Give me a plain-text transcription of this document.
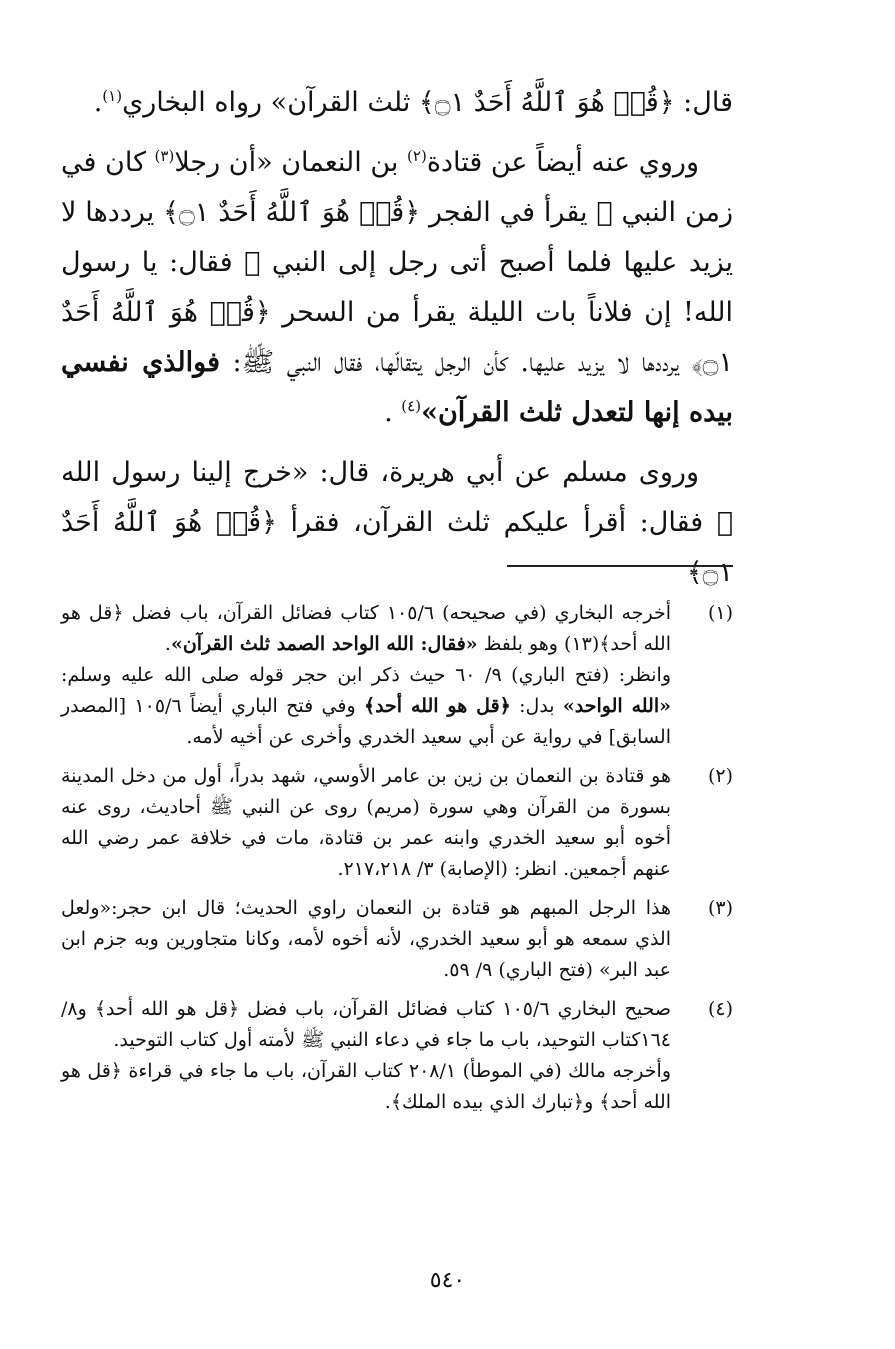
قال: ﴿قُلۡ هُوَ ٱللَّهُ أَحَدٌ ۝١﴾ ثلث القرآن» رواه البخاري$^{(١)}$.

وروي عنه أيضاً عن قتادة$^{(٢)}$ بن النعمان «أن رجلا$^{(٣)}$ كان في زمن النبي ﷺ يقرأ في الفجر ﴿قُلۡ هُوَ ٱللَّهُ أَحَدٌ ۝١﴾ يرددها لا يزيد عليها فلما أصبح أتى رجل إلى النبي ﷺ فقال: يا رسول الله! إن فلاناً بات الليلة يقرأ من السحر ﴿قُلۡ هُوَ ٱللَّهُ أَحَدٌ ۝١﴾ يرددها لا يزيد عليها. كأن الرجل يتقالّها، فقال النبي ﷺ: فوالذي نفسي بيده إنها لتعدل ثلث القرآن»$^{(٤)}$ .

وروى مسلم عن أبي هريرة، قال: «خرج إلينا رسول الله ﷺ فقال: أقرأ عليكم ثلث القرآن، فقرأ ﴿قُلۡ هُوَ ٱللَّهُ أَحَدٌ ۝١﴾

(١)

أخرجه البخاري (في صحيحه) ١٠٥/٦ كتاب فضائل القرآن، باب فضل ﴿قل هو الله أحد﴾(١٣) وهو بلفظ «فقال: الله الواحد الصمد ثلث القرآن».

وانظر: (فتح الباري) ٩/ ٦٠ حيث ذكر ابن حجر قوله صلى الله عليه وسلم: «الله الواحد» بدل: ﴿قل هو الله أحد﴾ وفي فتح الباري أيضاً ١٠٥/٦ [المصدر السابق] في رواية عن أبي سعيد الخدري وأخرى عن أخيه لأمه.

(٢)

هو قتادة بن النعمان بن زين بن عامر الأوسي، شهد بدراً، أول من دخل المدينة بسورة من القرآن وهي سورة (مريم) روى عن النبي ﷺ أحاديث، روى عنه أخوه أبو سعيد الخدري وابنه عمر بن قتادة، مات في خلافة عمر رضي الله عنهم أجمعين. انظر: (الإصابة) ٣/ ٢١٧،٢١٨.

(٣)

هذا الرجل المبهم هو قتادة بن النعمان راوي الحديث؛ قال ابن حجر:«ولعل الذي سمعه هو أبو سعيد الخدري، لأنه أخوه لأمه، وكانا متجاورين وبه جزم ابن عبد البر» (فتح الباري) ٩/ ٥٩.

(٤)

صحيح البخاري ١٠٥/٦ كتاب فضائل القرآن، باب فضل ﴿قل هو الله أحد﴾ و٨/ ١٦٤كتاب التوحيد، باب ما جاء في دعاء النبي ﷺ لأمته أول كتاب التوحيد.

وأخرجه مالك (في الموطأ) ٢٠٨/١ كتاب القرآن، باب ما جاء في قراءة ﴿قل هو الله أحد﴾ و﴿تبارك الذي بيده الملك﴾.

٥٤٠
